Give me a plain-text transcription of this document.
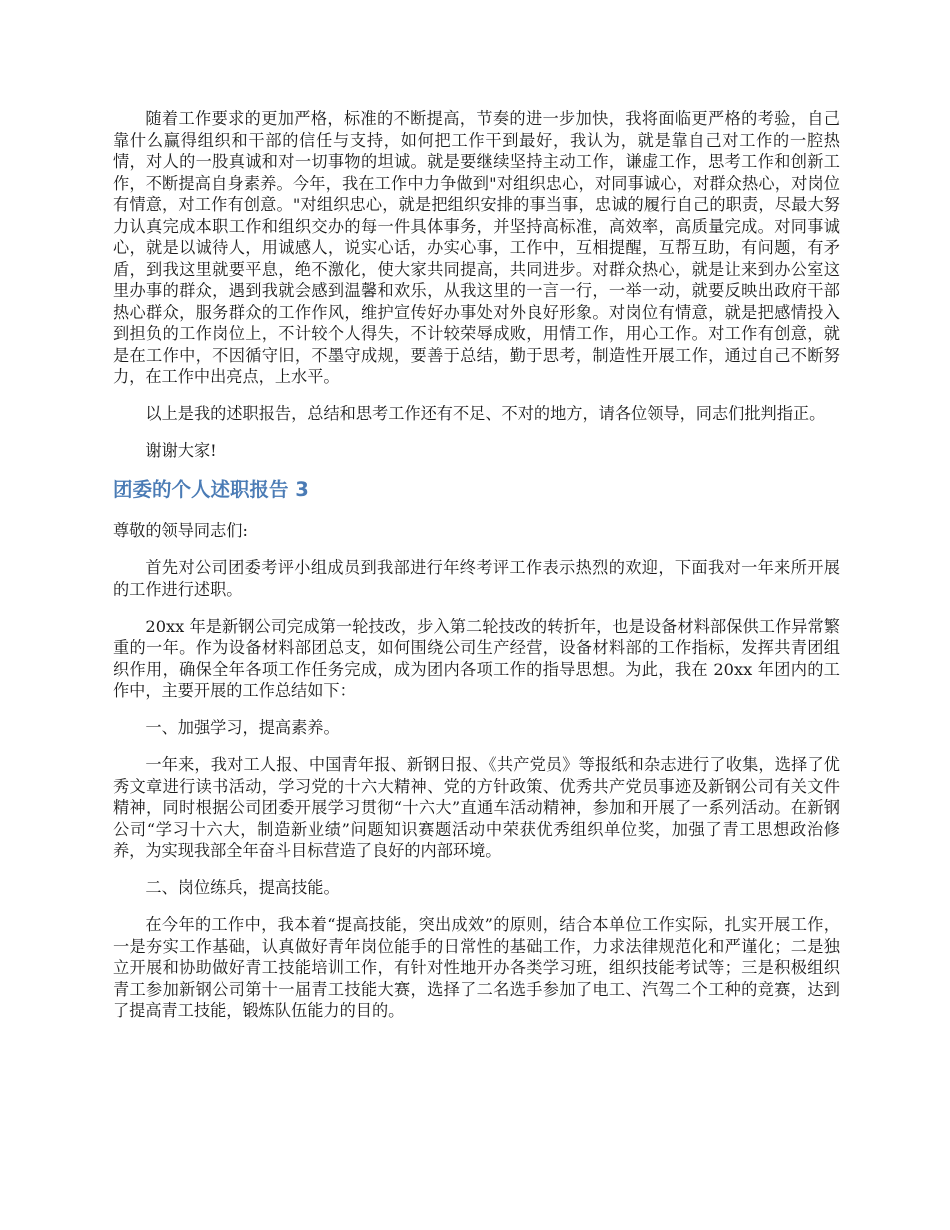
随着工作要求的更加严格，标准的不断提高，节奏的进一步加快，我将面临更严格的考验，自己靠什么赢得组织和干部的信任与支持，如何把工作干到最好，我认为，就是靠自己对工作的一腔热情，对人的一股真诚和对一切事物的坦诚。就是要继续坚持主动工作，谦虚工作，思考工作和创新工作，不断提高自身素养。今年，我在工作中力争做到"对组织忠心，对同事诚心，对群众热心，对岗位有情意，对工作有创意。"对组织忠心，就是把组织安排的事当事，忠诚的履行自己的职责，尽最大努力认真完成本职工作和组织交办的每一件具体事务，并坚持高标准，高效率，高质量完成。对同事诚心，就是以诚待人，用诚感人，说实心话，办实心事，工作中，互相提醒，互帮互助，有问题，有矛盾，到我这里就要平息，绝不激化，使大家共同提高，共同进步。对群众热心，就是让来到办公室这里办事的群众，遇到我就会感到温馨和欢乐，从我这里的一言一行，一举一动，就要反映出政府干部热心群众，服务群众的工作作风，维护宣传好办事处对外良好形象。对岗位有情意，就是把感情投入到担负的工作岗位上，不计较个人得失，不计较荣辱成败，用情工作，用心工作。对工作有创意，就是在工作中，不因循守旧，不墨守成规，要善于总结，勤于思考，制造性开展工作，通过自己不断努力，在工作中出亮点，上水平。

以上是我的述职报告，总结和思考工作还有不足、不对的地方，请各位领导，同志们批判指正。

谢谢大家!

团委的个人述职报告 3

尊敬的领导同志们:

首先对公司团委考评小组成员到我部进行年终考评工作表示热烈的欢迎，下面我对一年来所开展的工作进行述职。

20xx 年是新钢公司完成第一轮技改，步入第二轮技改的转折年，也是设备材料部保供工作异常繁重的一年。作为设备材料部团总支，如何围绕公司生产经营，设备材料部的工作指标，发挥共青团组织作用，确保全年各项工作任务完成，成为团内各项工作的指导思想。为此，我在 20xx 年团内的工作中，主要开展的工作总结如下：

一、加强学习，提高素养。

一年来，我对工人报、中国青年报、新钢日报、《共产党员》等报纸和杂志进行了收集，选择了优秀文章进行读书活动，学习党的十六大精神、党的方针政策、优秀共产党员事迹及新钢公司有关文件精神，同时根据公司团委开展学习贯彻“十六大”直通车活动精神，参加和开展了一系列活动。在新钢公司“学习十六大，制造新业绩”问题知识赛题活动中荣获优秀组织单位奖，加强了青工思想政治修养，为实现我部全年奋斗目标营造了良好的内部环境。

二、岗位练兵，提高技能。

在今年的工作中，我本着“提高技能，突出成效”的原则，结合本单位工作实际，扎实开展工作，一是夯实工作基础，认真做好青年岗位能手的日常性的基础工作，力求法律规范化和严谨化；二是独立开展和协助做好青工技能培训工作，有针对性地开办各类学习班，组织技能考试等；三是积极组织青工参加新钢公司第十一届青工技能大赛，选择了二名选手参加了电工、汽驾二个工种的竞赛，达到了提高青工技能，锻炼队伍能力的目的。
